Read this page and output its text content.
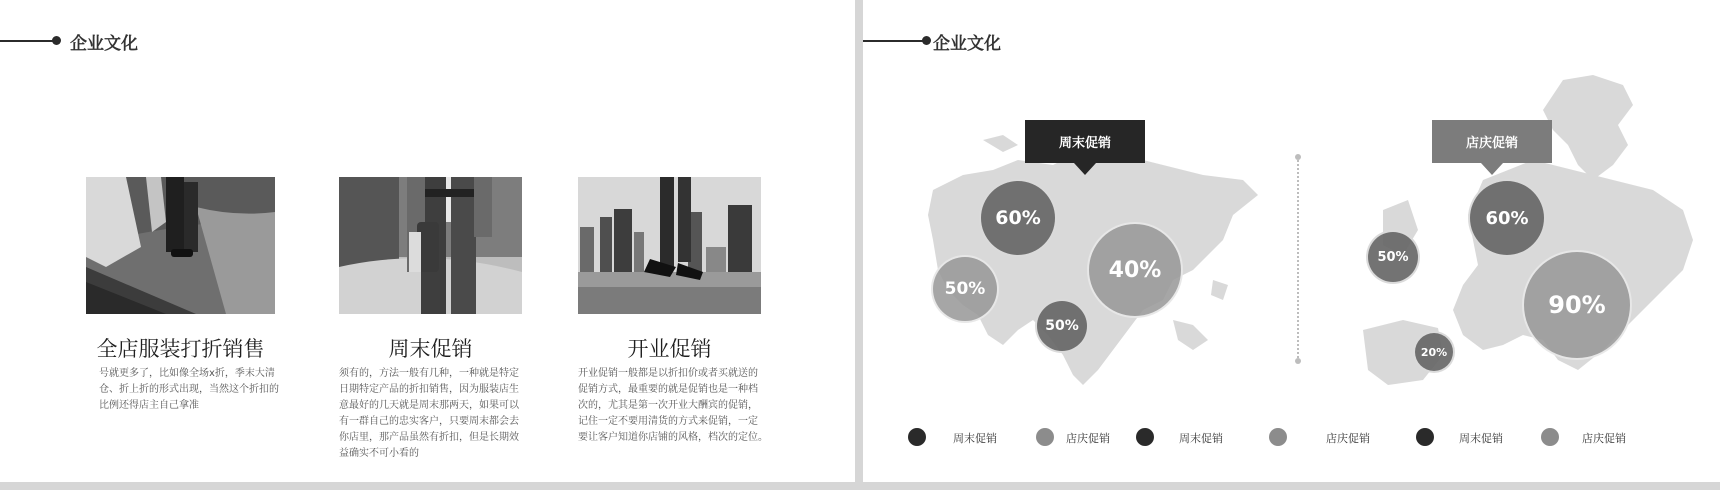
企业文化
全店服装打折销售
号就更多了，比如像全场x折，季末大清
仓、折上折的形式出现，当然这个折扣的
比例还得店主自己拿准
周末促销
须有的，方法一般有几种，一种就是特定
日期特定产品的折扣销售，因为服装店生
意最好的几天就是周末那两天，如果可以
有一群自己的忠实客户，只要周末都会去
你店里，那产品虽然有折扣，但是长期效
益确实不可小看的
开业促销
开业促销一般都是以折扣价或者买就送的
促销方式，最重要的就是促销也是一种档
次的，尤其是第一次开业大酬宾的促销，
记住一定不要用清货的方式来促销，一定
要让客户知道你店铺的风格，档次的定位。
企业文化
周末促销	店庆促销
60%
40%
50%
50%
50%
60%
90%
20%
周末促销	店庆促销	周末促销	店庆促销	周末促销	店庆促销
